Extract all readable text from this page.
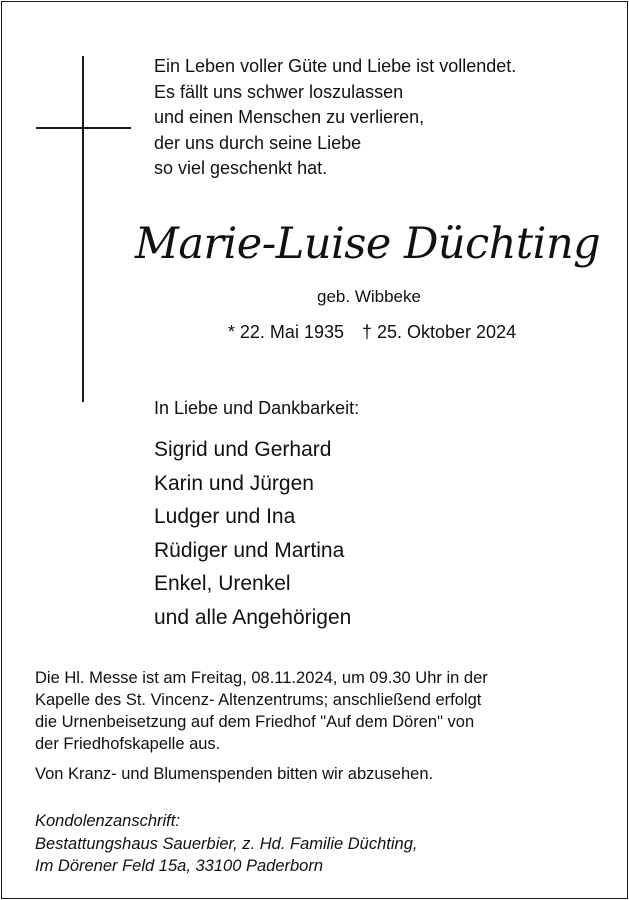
Ein Leben voller Güte und Liebe ist vollendet.
Es fällt uns schwer loszulassen
und einen Menschen zu verlieren,
der uns durch seine Liebe
so viel geschenkt hat.
Marie-Luise Düchting
geb. Wibbeke
* 22. Mai 1935 † 25. Oktober 2024
In Liebe und Dankbarkeit:
Sigrid und Gerhard
Karin und Jürgen
Ludger und Ina
Rüdiger und Martina
Enkel, Urenkel
und alle Angehörigen
Die Hl. Messe ist am Freitag, 08.11.2024, um 09.30 Uhr in der
Kapelle des St. Vincenz- Altenzentrums; anschließend erfolgt
die Urnenbeisetzung auf dem Friedhof "Auf dem Dören" von
der Friedhofskapelle aus.
Von Kranz- und Blumenspenden bitten wir abzusehen.
Kondolenzanschrift:
Bestattungshaus Sauerbier, z. Hd. Familie Düchting,
Im Dörener Feld 15a, 33100 Paderborn
